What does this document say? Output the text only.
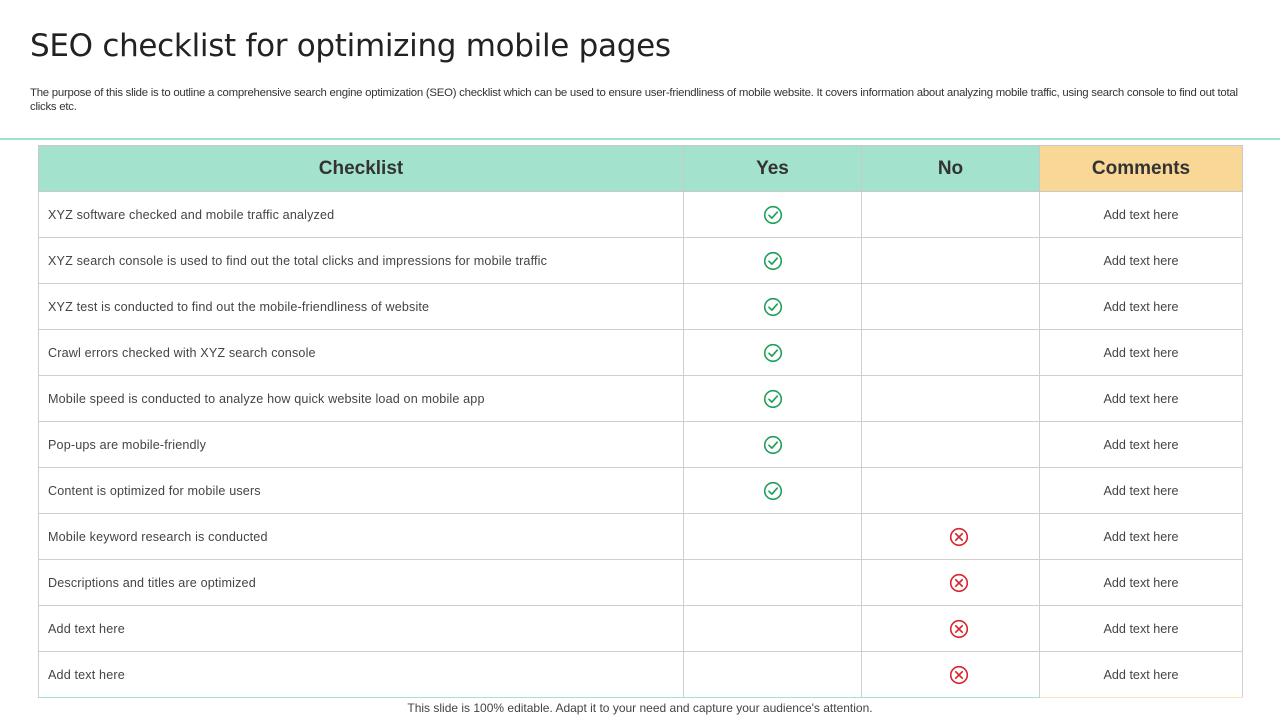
SEO checklist for optimizing mobile pages
The purpose of this slide is to outline a comprehensive search engine optimization (SEO) checklist which can be used to ensure user-friendliness of mobile website. It covers information about analyzing mobile traffic, using search console to find out total clicks etc.
Checklist	Yes	No	Comments
XYZ software checked and mobile traffic analyzed			Add text here
XYZ search console is used to find out the total clicks and impressions for mobile traffic			Add text here
XYZ test is conducted to find out the mobile-friendliness of website			Add text here
Crawl errors checked with XYZ search console			Add text here
Mobile speed is conducted to analyze how quick website load on mobile app			Add text here
Pop-ups are mobile-friendly			Add text here
Content is optimized for mobile users			Add text here
Mobile keyword research is conducted			Add text here
Descriptions and titles are optimized			Add text here
Add text here			Add text here
Add text here			Add text here
This slide is 100% editable. Adapt it to your need and capture your audience's attention.
